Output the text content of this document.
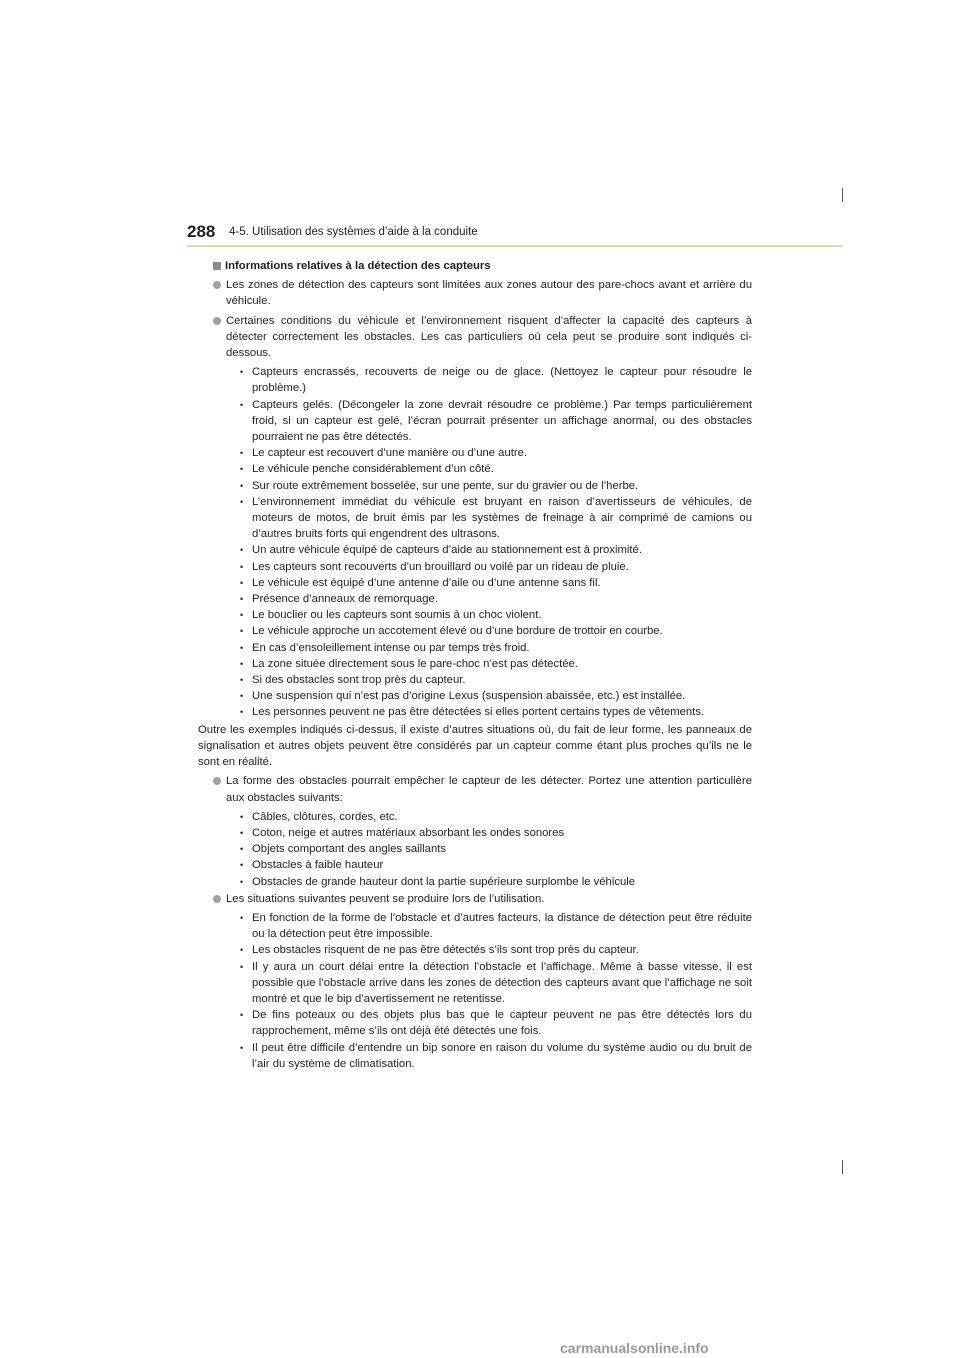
288 4-5. Utilisation des systèmes d’aide à la conduite
Informations relatives à la détection des capteurs
Les zones de détection des capteurs sont limitées aux zones autour des pare-chocs avant et arrière du véhicule.
Certaines conditions du véhicule et l’environnement risquent d’affecter la capacité des capteurs à détecter correctement les obstacles. Les cas particuliers où cela peut se produire sont indiqués ci-dessous.
• Capteurs encrassés, recouverts de neige ou de glace. (Nettoyez le capteur pour résoudre le problème.)
• Capteurs gelés. (Décongeler la zone devrait résoudre ce problème.) Par temps particulièrement froid, si un capteur est gelé, l’écran pourrait présenter un affichage anormal, ou des obstacles pourraient ne pas être détectés.
• Le capteur est recouvert d’une manière ou d’une autre.
• Le véhicule penche considérablement d’un côté.
• Sur route extrêmement bosselée, sur une pente, sur du gravier ou de l’herbe.
• L’environnement immédiat du véhicule est bruyant en raison d’avertisseurs de véhicules, de moteurs de motos, de bruit émis par les systèmes de freinage à air comprimé de camions ou d’autres bruits forts qui engendrent des ultrasons.
• Un autre véhicule équipé de capteurs d’aide au stationnement est à proximité.
• Les capteurs sont recouverts d’un brouillard ou voilé par un rideau de pluie.
• Le véhicule est équipé d’une antenne d’aile ou d’une antenne sans fil.
• Présence d’anneaux de remorquage.
• Le bouclier ou les capteurs sont soumis à un choc violent.
• Le véhicule approche un accotement élevé ou d’une bordure de trottoir en courbe.
• En cas d’ensoleillement intense ou par temps très froid.
• La zone située directement sous le pare-choc n’est pas détectée.
• Si des obstacles sont trop près du capteur.
• Une suspension qui n’est pas d’origine Lexus (suspension abaissée, etc.) est installée.
• Les personnes peuvent ne pas être détectées si elles portent certains types de vêtements.
Outre les exemples indiqués ci-dessus, il existe d’autres situations où, du fait de leur forme, les panneaux de signalisation et autres objets peuvent être considérés par un capteur comme étant plus proches qu’ils ne le sont en réalité.
La forme des obstacles pourrait empêcher le capteur de les détecter. Portez une attention particulière aux obstacles suivants:
• Câbles, clôtures, cordes, etc.
• Coton, neige et autres matériaux absorbant les ondes sonores
• Objets comportant des angles saillants
• Obstacles à faible hauteur
• Obstacles de grande hauteur dont la partie supérieure surplombe le véhicule
Les situations suivantes peuvent se produire lors de l’utilisation.
• En fonction de la forme de l’obstacle et d’autres facteurs, la distance de détection peut être réduite ou la détection peut être impossible.
• Les obstacles risquent de ne pas être détectés s’ils sont trop près du capteur.
• Il y aura un court délai entre la détection l’obstacle et l’affichage. Même à basse vitesse, il est possible que l’obstacle arrive dans les zones de détection des capteurs avant que l’affichage ne soit montré et que le bip d’avertissement ne retentisse.
• De fins poteaux ou des objets plus bas que le capteur peuvent ne pas être détectés lors du rapprochement, même s’ils ont déjà été détectés une fois.
• Il peut être difficile d’entendre un bip sonore en raison du volume du système audio ou du bruit de l’air du système de climatisation.
carmanualsonline.info
